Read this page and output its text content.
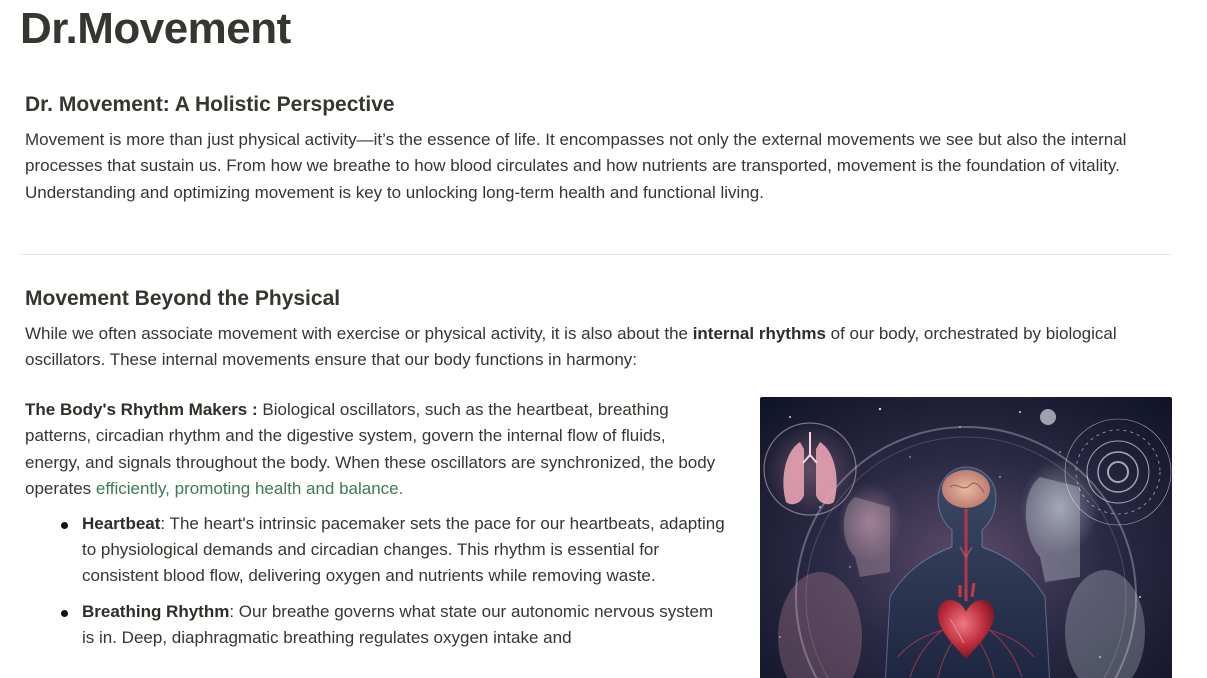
Dr.Movement
Dr. Movement: A Holistic Perspective

Movement is more than just physical activity—it’s the essence of life. It encompasses not only the external movements we see but also the internal processes that sustain us. From how we breathe to how blood circulates and how nutrients are transported, movement is the foundation of vitality. Understanding and optimizing movement is key to unlocking long-term health and functional living.

Movement Beyond the Physical

While we often associate movement with exercise or physical activity, it is also about the internal rhythms of our body, orchestrated by biological oscillators. These internal movements ensure that our body functions in harmony:

The Body's Rhythm Makers : Biological oscillators, such as the heartbeat, breathing patterns, circadian rhythm and the digestive system, govern the internal flow of fluids, energy, and signals throughout the body. When these oscillators are synchronized, the body operates efficiently, promoting health and balance.

Heartbeat: The heart's intrinsic pacemaker sets the pace for our heartbeats, adapting to physiological demands and circadian changes. This rhythm is essential for consistent blood flow, delivering oxygen and nutrients while removing waste.
Breathing Rhythm: Our breathe governs what state our autonomic nervous system is in. Deep, diaphragmatic breathing regulates oxygen intake and
